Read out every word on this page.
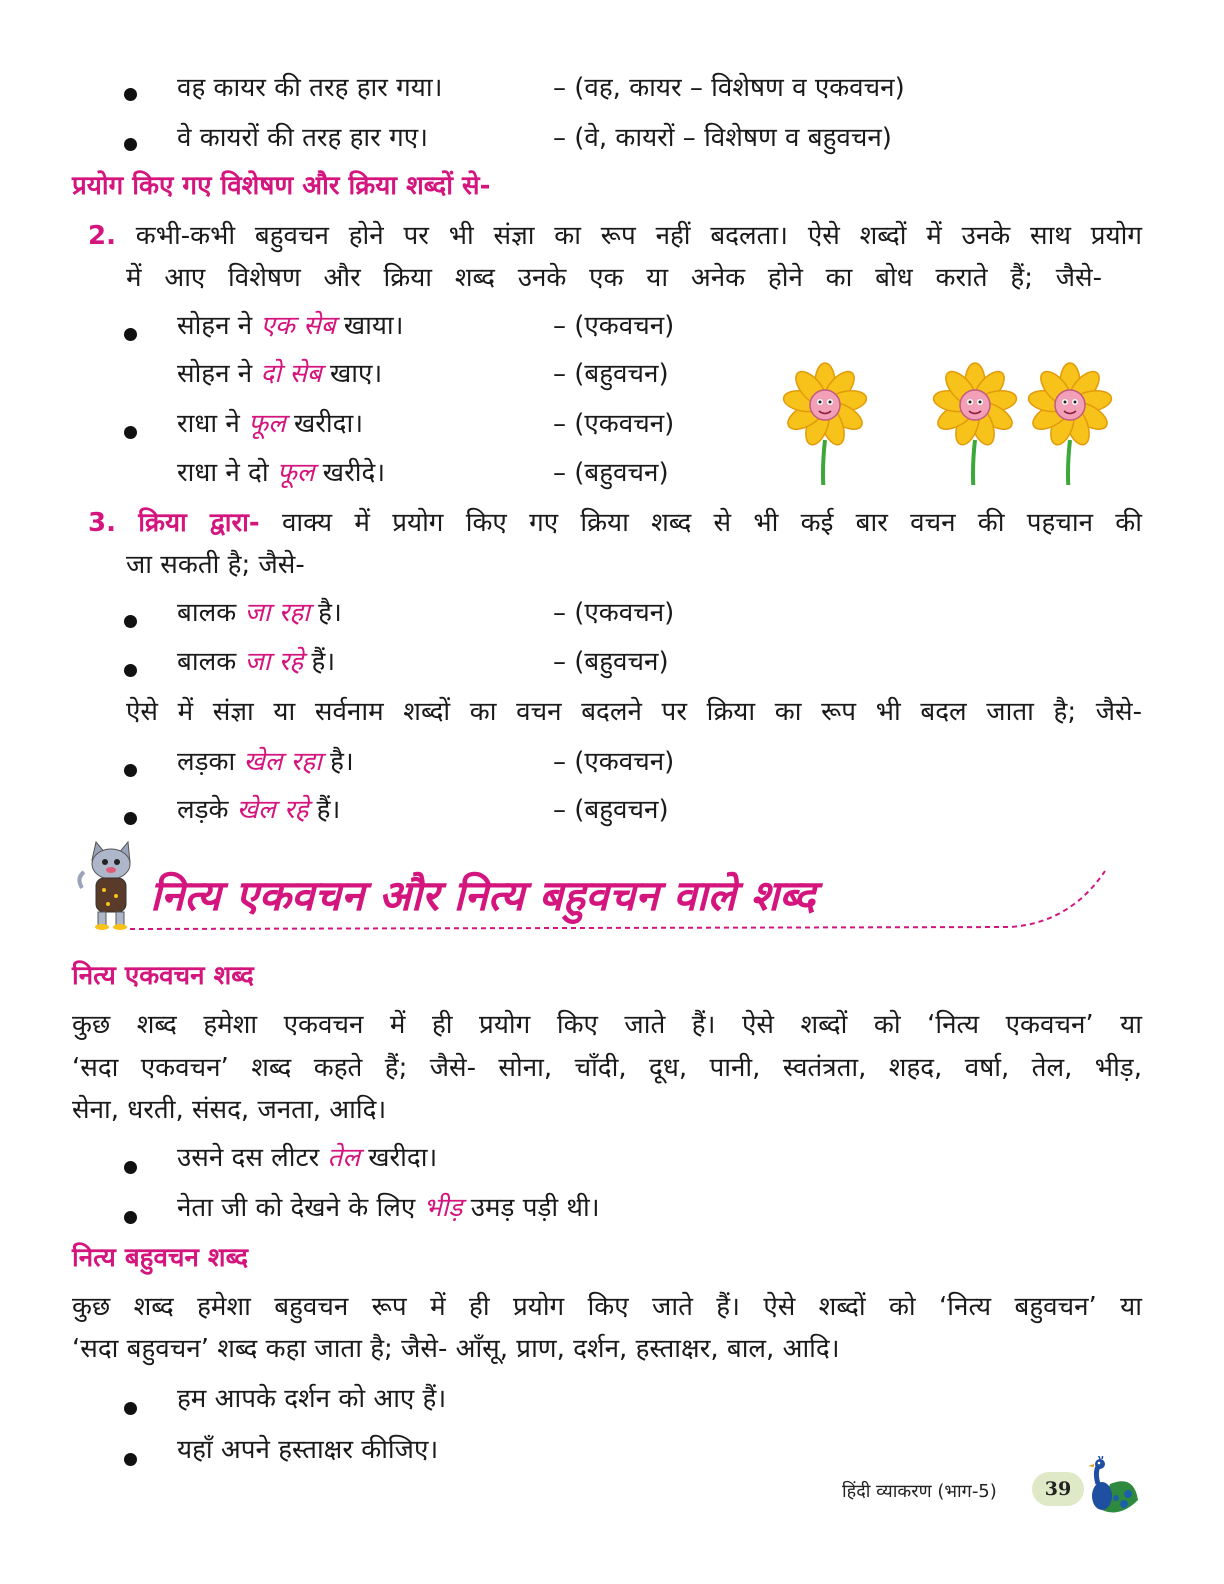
वह कायर की तरह हार गया।	– (वह, कायर – विशेषण व एकवचन)
वे कायरों की तरह हार गए।	– (वे, कायरों – विशेषण व बहुवचन)
प्रयोग किए गए विशेषण और क्रिया शब्दों से-
2. कभी-कभी बहुवचन होने पर भी संज्ञा का रूप नहीं बदलता। ऐसे शब्दों में उनके साथ प्रयोग
में आए विशेषण और क्रिया शब्द उनके एक या अनेक होने का बोध कराते हैं; जैसे-
सोहन ने एक सेब खाया।	– (एकवचन)
सोहन ने दो सेब खाए।	– (बहुवचन)
राधा ने फूल खरीदा।	– (एकवचन)
राधा ने दो फूल खरीदे।	– (बहुवचन)
3. क्रिया द्वारा- वाक्य में प्रयोग किए गए क्रिया शब्द से भी कई बार वचन की पहचान की
जा सकती है; जैसे-
बालक जा रहा है।	– (एकवचन)
बालक जा रहे हैं।	– (बहुवचन)
ऐसे में संज्ञा या सर्वनाम शब्दों का वचन बदलने पर क्रिया का रूप भी बदल जाता है; जैसे-
लड़का खेल रहा है।	– (एकवचन)
लड़के खेल रहे हैं।	– (बहुवचन)
नित्य एकवचन और नित्य बहुवचन वाले शब्द
नित्य एकवचन शब्द
कुछ शब्द हमेशा एकवचन में ही प्रयोग किए जाते हैं। ऐसे शब्दों को ‘नित्य एकवचन’ या
‘सदा एकवचन’ शब्द कहते हैं; जैसे- सोना, चाँदी, दूध, पानी, स्वतंत्रता, शहद, वर्षा, तेल, भीड़,
सेना, धरती, संसद, जनता, आदि।
उसने दस लीटर तेल खरीदा।
नेता जी को देखने के लिए भीड़ उमड़ पड़ी थी।
नित्य बहुवचन शब्द
कुछ शब्द हमेशा बहुवचन रूप में ही प्रयोग किए जाते हैं। ऐसे शब्दों को ‘नित्य बहुवचन’ या
‘सदा बहुवचन’ शब्द कहा जाता है; जैसे- आँसू, प्राण, दर्शन, हस्ताक्षर, बाल, आदि।
हम आपके दर्शन को आए हैं।
यहाँ अपने हस्ताक्षर कीजिए।
हिंदी व्याकरण (भाग-5)	39
